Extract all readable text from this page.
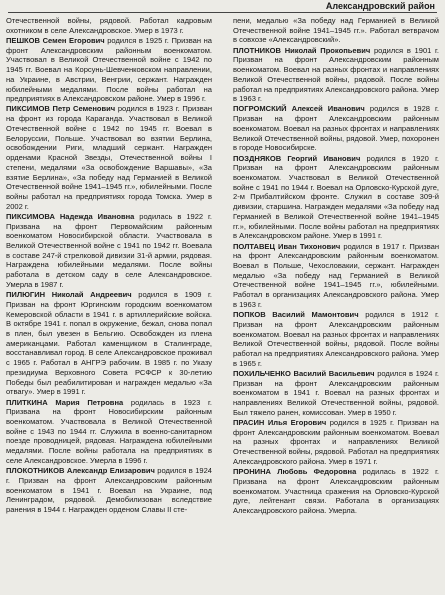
Александровский район

Отечественной войны, рядовой. Работал кадровым охотником в селе Александровское. Умер в 1973 г.

ПЕШКОВ Семен Егорович родился в 1925 г. Призван на фронт Александровским районным военкоматом. Участвовал в Великой Отечественной войне с 1942 по 1945 гг. Воевал на Корсунь-Шевченковском направлении, на Украине, в Австрии, Венгрии, сержант. Награжден юбилейными медалями. После войны работал на предприятиях в Александровском районе. Умер в 1996 г.

ПИКСИМОВ Петр Семенович родился в 1923 г. Призван на фронт из города Караганда. Участвовал в Великой Отечественной войне с 1942 по 1945 гг. Воевал в Белоруссии, Польше. Участвовал во взятии Берлина, освобождении Риги, младший сержант. Награжден орденами Красной Звезды, Отечественной войны I степени, медалями «За освобождение Варшавы», «За взятие Берлина», «За победу над Германией в Великой Отечественной войне 1941–1945 гг.», юбилейными. После войны работал на предприятиях города Томска. Умер в 2002 г.

ПИКСИМОВА Надежда Ивановна родилась в 1922 г. Призвана на фронт Первомайским районным военкоматом Новосибирской области. Участвовала в Великой Отечественной войне с 1941 по 1942 гг. Воевала в составе 247-й стрелковой дивизии 31-й армии, рядовая. Награждена юбилейными медалями. После войны работала в детском саду в селе Александровское. Умерла в 1987 г.

ПИЛЮГИН Николай Андреевич родился в 1909 г. Призван на фронт Юргинским городским военкоматом Кемеровской области в 1941 г. в артиллерийские войска. В октябре 1941 г. попал в окружение, бежал, снова попал в плен, был увезен в Бельгию. Освобожден из плена американцами. Работал каменщиком в Сталинграде, восстанавливал город. В селе Александровское проживал с 1965 г. Работал в АНГРЭ рабочим. В 1985 г. по Указу президиума Верховного Совета РСФСР к 30-летию Победы был реабилитирован и награжден медалью «За отвагу». Умер в 1991 г.

ПЛИТКИНА Мария Петровна родилась в 1923 г. Призвана на фронт Новосибирским районным военкоматом. Участвовала в Великой Отечественной войне с 1943 по 1944 гг. Служила в военно-санитарном поезде проводницей, рядовая. Награждена юбилейными медалями. После войны работала на предприятиях в селе Александровское. Умерла в 1996 г.

ПЛОКОТНИКОВ Александр Елизарович родился в 1924 г. Призван на фронт Александровским районным военкоматом в 1941 г. Воевал на Украине, под Ленинградом, рядовой. Демобилизован вследствие ранения в 1944 г. Награжден орденом Славы II сте-

пени, медалью «За победу над Германией в Великой Отечественной войне 1941–1945 гг.». Работал ветврачом в совхозе «Александровский».

ПЛОТНИКОВ Николай Прокопьевич родился в 1901 г. Призван на фронт Александровским районным военкоматом. Воевал на разных фронтах и направлениях Великой Отечественной войны, рядовой. После войны работал на предприятиях Александровского района. Умер в 1963 г.

ПОГРОМСКИЙ Алексей Иванович родился в 1928 г. Призван на фронт Александровским районным военкоматом. Воевал на разных фронтах и направлениях Великой Отечественной войны, рядовой. Умер, похоронен в городе Новосибирске.

ПОЗДНЯКОВ Георгий Иванович родился в 1920 г. Призван на фронт Александровским районным военкоматом. Участвовал в Великой Отечественной войне с 1941 по 1944 г. Воевал на Орловско-Курской дуге, 2-м Прибалтийском фронте. Служил в составе 309-й дивизии, старшина. Награжден медалями «За победу над Германией в Великой Отечественной войне 1941–1945 гг.», юбилейными. После войны работал на предприятиях в Александровском районе. Умер в 1991 г.

ПОЛТАВЕЦ Иван Тихонович родился в 1917 г. Призван на фронт Александровским районным военкоматом. Воевал в Польше, Чехословакии, сержант. Награжден медалью «За победу над Германией в Великой Отечественной войне 1941–1945 гг.», юбилейными. Работал в организациях Александровского района. Умер в 1963 г.

ПОПКОВ Василий Мамонтович родился в 1912 г. Призван на фронт Александровским районным военкоматом. Воевал на разных фронтах и направлениях Великой Отечественной войны, рядовой. После войны работал на предприятиях Александровского района. Умер в 1965 г.

ПОХИЛЬЧЕНКО Василий Васильевич родился в 1924 г. Призван на фронт Александровским районным военкоматом в 1941 г. Воевал на разных фронтах и направлениях Великой Отечественной войны, рядовой. Был тяжело ранен, комиссован. Умер в 1950 г.

ПРАСИН Илья Егорович родился в 1925 г. Призван на фронт Александровским районным военкоматом. Воевал на разных фронтах и направлениях Великой Отечественной войны, рядовой. Работал на предприятиях Александровского района. Умер в 1971 г.

ПРОНИНА Любовь Федоровна родилась в 1922 г. Призвана на фронт Александровским районным военкоматом. Участница сражения на Орловско-Курской дуге, лейтенант связи. Работала в организациях Александровского района. Умерла.
